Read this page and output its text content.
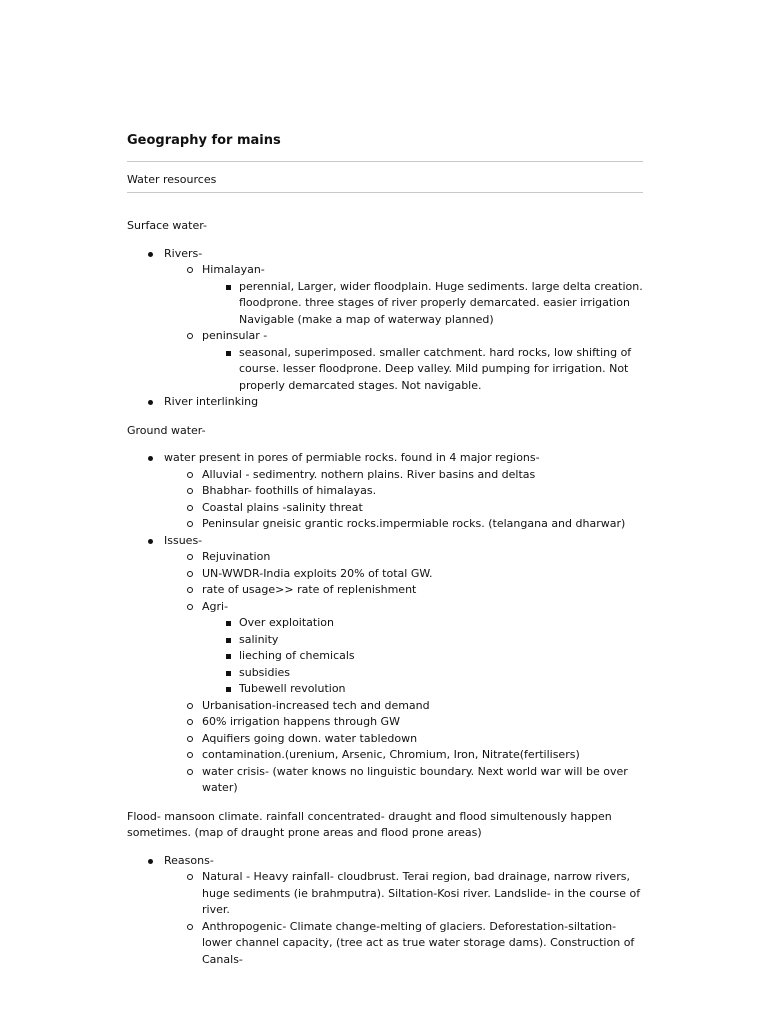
Geography for mains
Water resources

Surface water-

Rivers-
Himalayan-
perennial, Larger, wider floodplain. Huge sediments. large delta creation. floodprone. three stages of river properly demarcated. easier irrigation Navigable (make a map of waterway planned)
peninsular -
seasonal, superimposed. smaller catchment. hard rocks, low shifting of course. lesser floodprone. Deep valley. Mild pumping for irrigation. Not properly demarcated stages. Not navigable.
River interlinking

Ground water-

water present in pores of permiable rocks. found in 4 major regions-
Alluvial - sedimentry. nothern plains. River basins and deltas
Bhabhar- foothills of himalayas.
Coastal plains -salinity threat
Peninsular gneisic grantic rocks.impermiable rocks. (telangana and dharwar)
Issues-
Rejuvination
UN-WWDR-India exploits 20% of total GW.
rate of usage>> rate of replenishment
Agri-
Over exploitation
salinity
lieching of chemicals
subsidies
Tubewell revolution
Urbanisation-increased tech and demand
60% irrigation happens through GW
Aquifiers going down. water tabledown
contamination.(urenium, Arsenic, Chromium, Iron, Nitrate(fertilisers)
water crisis- (water knows no linguistic boundary. Next world war will be over water)

Flood- mansoon climate. rainfall concentrated- draught and flood simultenously happen sometimes. (map of draught prone areas and flood prone areas)

Reasons-
Natural - Heavy rainfall- cloudbrust. Terai region, bad drainage, narrow rivers, huge sediments (ie brahmputra). Siltation-Kosi river. Landslide- in the course of river.
Anthropogenic- Climate change-melting of glaciers. Deforestation-siltation-lower channel capacity, (tree act as true water storage dams). Construction of Canals-
